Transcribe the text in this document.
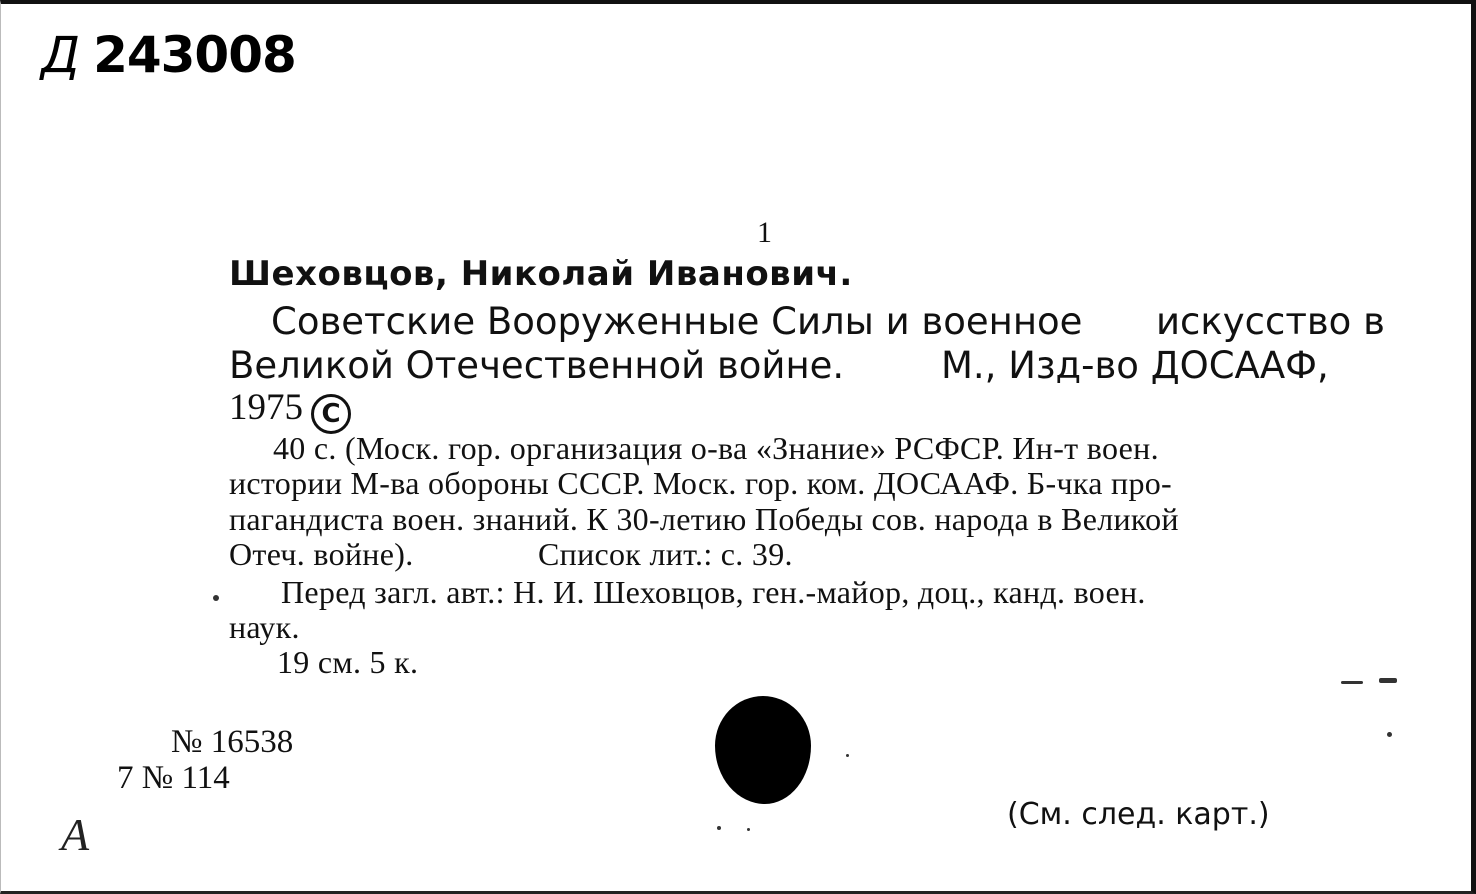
Д 243008
1
Шеховцов, Николай Иванович.
Советские Вооруженные Силы и военное искусство в
Великой Отечественной войне.	М., Изд-во ДОСААФ,
1975 С
40 с. (Моск. гор. организация о-ва «Знание» РСФСР. Ин-т воен.
истории М-ва обороны СССР. Моск. гор. ком. ДОСААФ. Б-чка про-
пагандиста воен. знаний. К 30-летию Победы сов. народа в Великой
Отеч. войне).	Список лит.: с. 39.
Перед загл. авт.: Н. И. Шеховцов, ген.-майор, доц., канд. воен.
наук.
19 см. 5 к.
№ 16538
7 № 114
А	(См. след. карт.)
